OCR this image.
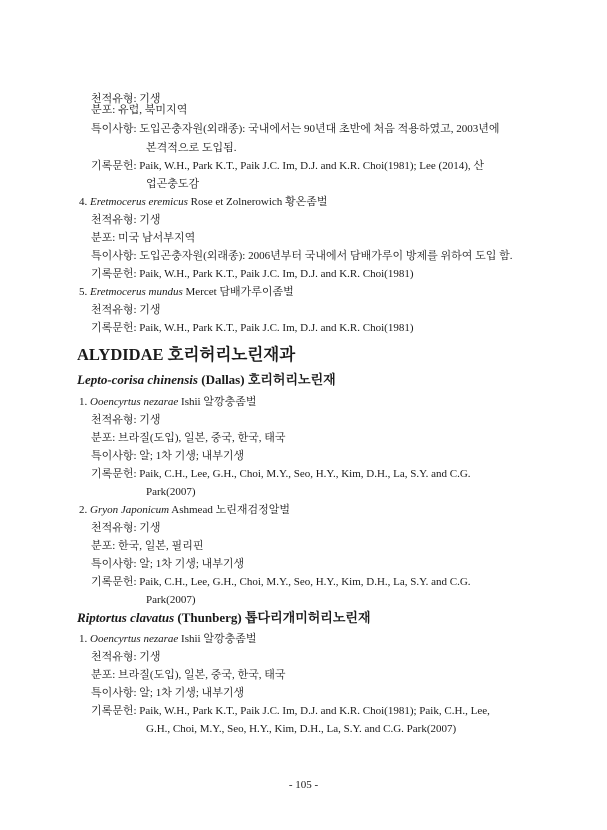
천적유형: 기생
분포: 유럽, 북미지역
특이사항: 도입곤충자원(외래종): 국내에서는 90년대 초반에 처음 적용하였고, 2003년에
본격적으로 도입됨.
기록문헌: Paik, W.H., Park K.T., Paik J.C. Im, D.J. and K.R. Choi(1981); Lee (2014), 산
업곤충도감
4. Eretmocerus eremicus Rose et Zolnerowich 황온좀벌
천적유형: 기생
분포: 미국 남서부지역
특이사항: 도입곤충자원(외래종): 2006년부터 국내에서 담배가루이 방제를 위하여 도입 함.
기록문헌: Paik, W.H., Park K.T., Paik J.C. Im, D.J. and K.R. Choi(1981)
5. Eretmocerus mundus Mercet 담배가루이좀벌
천적유형: 기생
기록문헌: Paik, W.H., Park K.T., Paik J.C. Im, D.J. and K.R. Choi(1981)
ALYDIDAE 호리허리노린재과
Lepto-corisa chinensis (Dallas) 호리허리노린재
1. Ooencyrtus nezarae Ishii 알깡충좀벌
천적유형: 기생
분포: 브라질(도입), 일본, 중국, 한국, 태국
특이사항: 알; 1차 기생; 내부기생
기록문헌: Paik, C.H., Lee, G.H., Choi, M.Y., Seo, H.Y., Kim, D.H., La, S.Y. and C.G.
Park(2007)
2. Gryon Japonicum Ashmead 노린재검정알벌
천적유형: 기생
분포: 한국, 일본, 필리핀
특이사항: 알; 1차 기생; 내부기생
기록문헌: Paik, C.H., Lee, G.H., Choi, M.Y., Seo, H.Y., Kim, D.H., La, S.Y. and C.G.
Park(2007)
Riptortus clavatus (Thunberg) 톱다리개미허리노린재
1. Ooencyrtus nezarae Ishii 알깡충좀벌
천적유형: 기생
분포: 브라질(도입), 일본, 중국, 한국, 태국
특이사항: 알; 1차 기생; 내부기생
기록문헌: Paik, W.H., Park K.T., Paik J.C. Im, D.J. and K.R. Choi(1981); Paik, C.H., Lee,
G.H., Choi, M.Y., Seo, H.Y., Kim, D.H., La, S.Y. and C.G. Park(2007)
- 105 -
